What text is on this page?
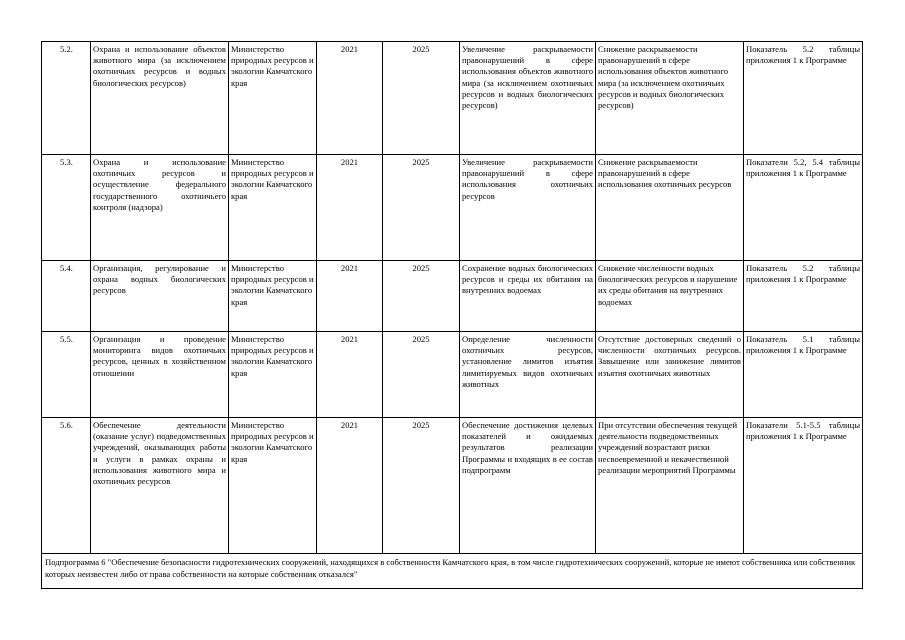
5.2.	Охрана и использование объектов животного мира (за исключением охотничьих ресурсов и водных биологических ресурсов)	Министерство природных ресурсов и экологии Камчатского края	2021	2025	Увеличение раскрываемости правонарушений в сфере использования объектов животного мира (за исключением охотничьих ресурсов и водных биологических ресурсов)	Снижение раскрываемости правонарушений в сфере использования объектов животного мира (за исключением охотничьих ресурсов и водных биологических ресурсов)	Показатель 5.2 таблицы приложения 1 к Программе
5.3.	Охрана и использование охотничьих ресурсов и осуществление федерального государственного охотничьего контроля (надзора)	Министерство природных ресурсов и экологии Камчатского края	2021	2025	Увеличение раскрываемости правонарушений в сфере использования охотничьих ресурсов	Снижение раскрываемости правонарушений в сфере использования охотничьих ресурсов	Показатели 5.2, 5.4 таблицы приложения 1 к Программе
5.4.	Организация, регулирование и охрана водных биологических ресурсов	Министерство природных ресурсов и экологии Камчатского края	2021	2025	Сохранение водных биологических ресурсов и среды их обитания на внутренних водоемах	Снижение численности водных биологических ресурсов и нарушение их среды обитания на внутренних водоемах	Показатель 5.2 таблицы приложения 1 к Программе
5.5.	Организация и проведение мониторинга видов охотничьих ресурсов, ценных в хозяйственном отношении	Министерство природных ресурсов и экологии Камчатского края	2021	2025	Определение численности охотничьих ресурсов, установление лимитов изъятия лимитируемых видов охотничьих животных	Отсутствие достоверных сведений о численности охотничьих ресурсов. Завышение или занижение лимитов изъятия охотничьих животных	Показатель 5.1 таблицы приложения 1 к Программе
5.6.	Обеспечение деятельности (оказание услуг) подведомственных учреждений, оказывающих работы и услуги в рамках охраны и использования животного мира и охотничьих ресурсов	Министерство природных ресурсов и экологии Камчатского края	2021	2025	Обеспечение достижения целевых показателей и ожидаемых результатов реализации Программы и входящих в ее состав подпрограмм	При отсутствии обеспечения текущей деятельности подведомственных учреждений возрастают риски несвоевременной и некачественной реализации мероприятий Программы	Показатели 5.1-5.5 таблицы приложения 1 к Программе
Подпрограмма 6 "Обеспечение безопасности гидротехнических сооружений, находящихся в собственности Камчатского края, в том числе гидротехнических сооружений, которые не имеют собственника или собственник которых неизвестен либо от права собственности на которые собственник отказался"							
